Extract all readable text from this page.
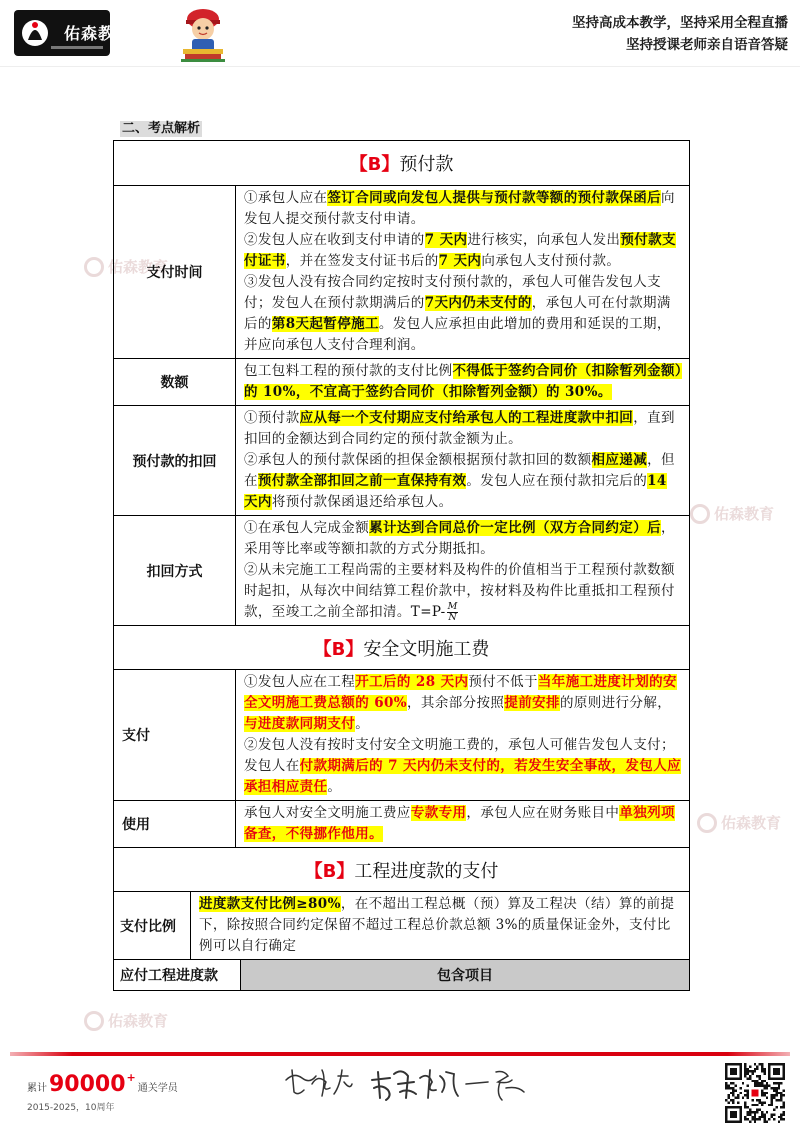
佑森教育
佑森教育
佑森教育
佑森教育
佑森教育
坚持高成本教学，坚持采用全程直播
坚持授课老师亲自语音答疑
二、考点解析
【B】 预付款
支付时间
①承包人应在签订合同或向发包人提供与预付款等额的预付款保函后向发包人提交预付款支付申请。
②发包人应在收到支付申请的7 天内进行核实，向承包人发出预付款支付证书，并在签发支付证书后的7 天内向承包人支付预付款。
③发包人没有按合同约定按时支付预付款的，承包人可催告发包人支付；发包人在预付款期满后的7天内仍未支付的，承包人可在付款期满后的第8天起暂停施工。发包人应承担由此增加的费用和延误的工期，并应向承包人支付合理利润。
数额
包工包料工程的预付款的支付比例不得低于签约合同价（扣除暂列金额）的 10%，不宜高于签约合同价（扣除暂列金额）的 30%。
预付款的扣回
①预付款应从每一个支付期应支付给承包人的工程进度款中扣回，直到扣回的金额达到合同约定的预付款金额为止。
②承包人的预付款保函的担保金额根据预付款扣回的数额相应递减，但在预付款全部扣回之前一直保持有效。发包人应在预付款扣完后的14 天内将预付款保函退还给承包人。
扣回方式
①在承包人完成金额累计达到合同总价一定比例（双方合同约定）后，采用等比率或等额扣款的方式分期抵扣。
②从未完施工工程尚需的主要材料及构件的价值相当于工程预付款数额时起扣，从每次中间结算工程价款中，按材料及构件比重抵扣工程预付款，至竣工之前全部扣清。$T=P- \frac{M}{N}$
【B】 安全文明施工费
支付
①发包人应在工程开工后的 28 天内预付不低于当年施工进度计划的安全文明施工费总额的 60%，其余部分按照提前安排的原则进行分解，与进度款同期支付。
②发包人没有按时支付安全文明施工费的，承包人可催告发包人支付；发包人在付款期满后的 7 天内仍未支付的，若发生安全事故，发包人应承担相应责任。
使用
承包人对安全文明施工费应专款专用，承包人应在财务账目中单独列项备查，不得挪作他用。
【B】 工程进度款的支付
支付比例
进度款支付比例≥80%，在不超出工程总概（预）算及工程决（结）算的前提下，除按照合同约定保留不超过工程总价款总额 3%的质量保证金外，支付比例可以自行确定
应付工程进度款	包含项目
累计 90000 +
通关学员
2015-2025，10周年
